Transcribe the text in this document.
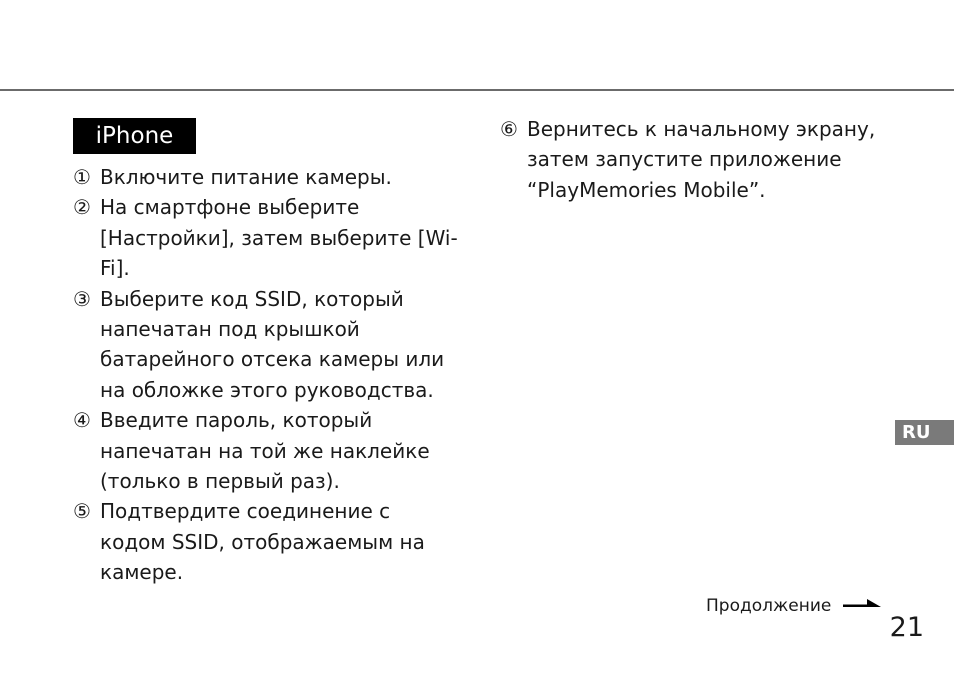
iPhone
① Включите питание камеры.
② На смартфоне выберите [Настройки], затем выберите [Wi-Fi].
③ Выберите код SSID, который напечатан под крышкой батарейного отсека камеры или на обложке этого руководства.
④ Введите пароль, который напечатан на той же наклейке (только в первый раз).
⑤ Подтвердите соединение с кодом SSID, отображаемым на камере.
⑥ Вернитесь к начальному экрану, затем запустите приложение “PlayMemories Mobile”.
RU
Продолжение
21
